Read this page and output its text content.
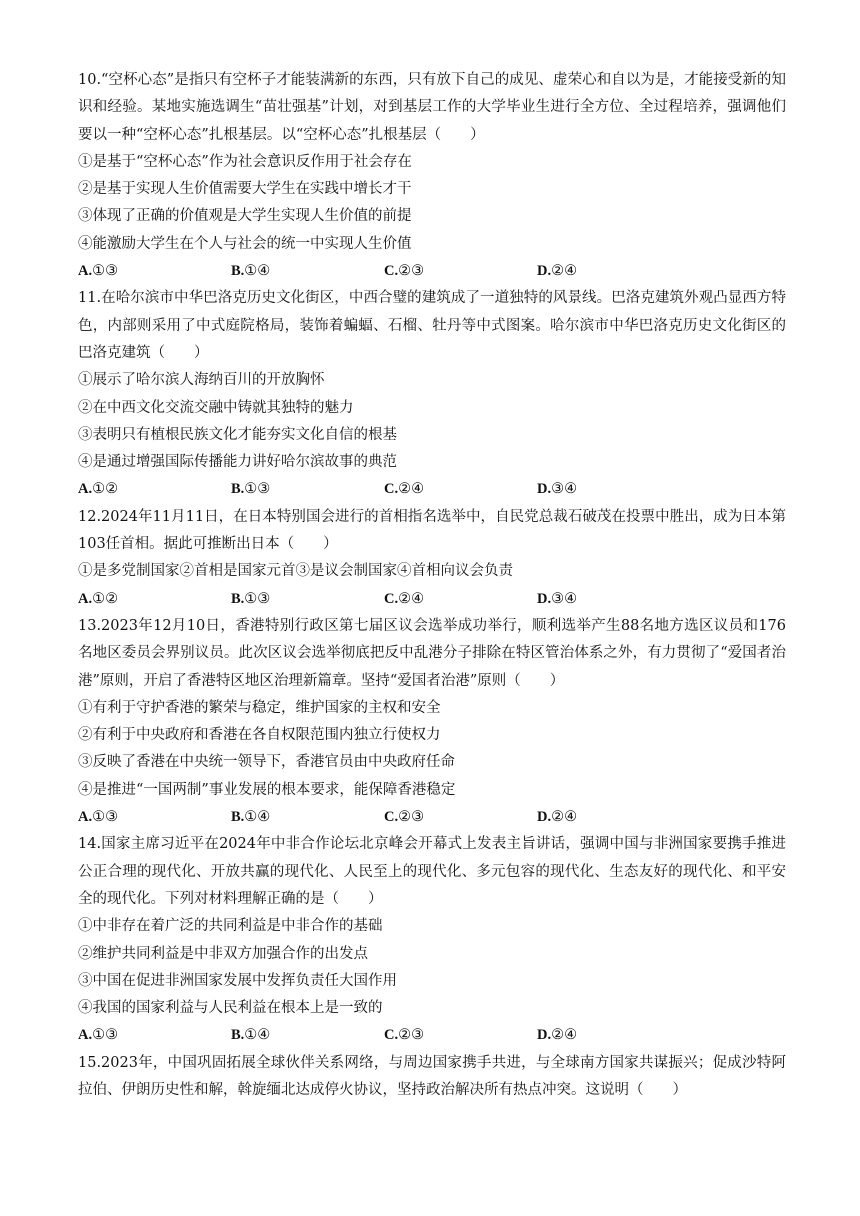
10.“空杯心态”是指只有空杯子才能装满新的东西，只有放下自己的成见、虚荣心和自以为是，才能接受新的知识和经验。某地实施选调生“苗壮强基”计划，对到基层工作的大学毕业生进行全方位、全过程培养，强调他们要以一种“空杯心态”扎根基层。以“空杯心态”扎根基层（　　）

①是基于“空杯心态”作为社会意识反作用于社会存在

②是基于实现人生价值需要大学生在实践中增长才干

③体现了正确的价值观是大学生实现人生价值的前提

④能激励大学生在个人与社会的统一中实现人生价值

A.①③	B.①④	C.②③	D.②④

11.在哈尔滨市中华巴洛克历史文化街区，中西合璧的建筑成了一道独特的风景线。巴洛克建筑外观凸显西方特色，内部则采用了中式庭院格局，装饰着蝙蝠、石榴、牡丹等中式图案。哈尔滨市中华巴洛克历史文化街区的巴洛克建筑（　　）

①展示了哈尔滨人海纳百川的开放胸怀

②在中西文化交流交融中铸就其独特的魅力

③表明只有植根民族文化才能夯实文化自信的根基

④是通过增强国际传播能力讲好哈尔滨故事的典范

A.①②	B.①③	C.②④	D.③④

12.2024年11月11日，在日本特别国会进行的首相指名选举中，自民党总裁石破茂在投票中胜出，成为日本第103任首相。据此可推断出日本（　　）

①是多党制国家②首相是国家元首③是议会制国家④首相向议会负责

A.①②	B.①③	C.②④	D.③④

13.2023年12月10日，香港特别行政区第七届区议会选举成功举行，顺利选举产生88名地方选区议员和176名地区委员会界别议员。此次区议会选举彻底把反中乱港分子排除在特区管治体系之外，有力贯彻了“爱国者治港”原则，开启了香港特区地区治理新篇章。坚持“爱国者治港”原则（　　）

①有利于守护香港的繁荣与稳定，维护国家的主权和安全

②有利于中央政府和香港在各自权限范围内独立行使权力

③反映了香港在中央统一领导下，香港官员由中央政府任命

④是推进“一国两制”事业发展的根本要求，能保障香港稳定

A.①③	B.①④	C.②③	D.②④

14.国家主席习近平在2024年中非合作论坛北京峰会开幕式上发表主旨讲话，强调中国与非洲国家要携手推进公正合理的现代化、开放共赢的现代化、人民至上的现代化、多元包容的现代化、生态友好的现代化、和平安全的现代化。下列对材料理解正确的是（　　）

①中非存在着广泛的共同利益是中非合作的基础

②维护共同利益是中非双方加强合作的出发点

③中国在促进非洲国家发展中发挥负责任大国作用

④我国的国家利益与人民利益在根本上是一致的

A.①③	B.①④	C.②③	D.②④

15.2023年，中国巩固拓展全球伙伴关系网络，与周边国家携手共进，与全球南方国家共谋振兴；促成沙特阿拉伯、伊朗历史性和解，斡旋缅北达成停火协议，坚持政治解决所有热点冲突。这说明（　　）
